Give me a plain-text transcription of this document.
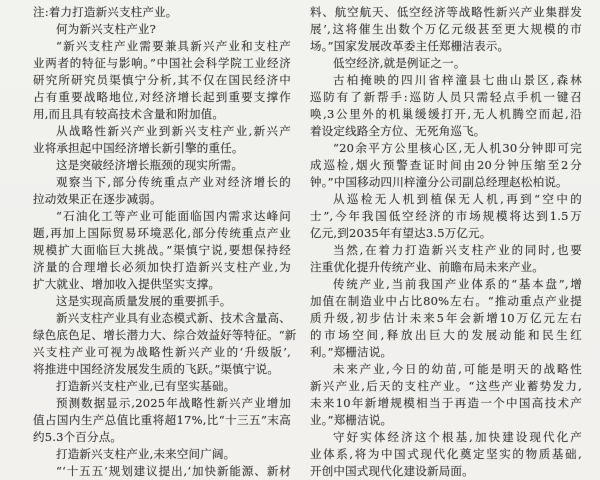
注:着力打造新兴支柱产业。
何为新兴支柱产业?
“新兴支柱产业需要兼具新兴产业和支柱产
业两者的特征与影响。”中国社会科学院工业经济
研究所研究员渠慎宁分析,其不仅在国民经济中
占有重要战略地位,对经济增长起到重要支撑作
用,而且具有较高技术含量和附加值。
从战略性新兴产业到新兴支柱产业,新兴产
业将承担起中国经济增长新引擎的重任。
这是突破经济增长瓶颈的现实所需。
观察当下,部分传统重点产业对经济增长的
拉动效果正在逐步减弱。
“石油化工等产业可能面临国内需求达峰问
题,再加上国际贸易环境恶化,部分传统重点产业
规模扩大面临巨大挑战。”渠慎宁说,要想保持经
济量的合理增长必须加快打造新兴支柱产业,为
扩大就业、增加收入提供坚实支撑。
这是实现高质量发展的重要抓手。
新兴支柱产业具有业态模式新、技术含量高、
绿色底色足、增长潜力大、综合效益好等特征。“新
兴支柱产业可视为战略性新兴产业的‘升级版’,
将推进中国经济发展发生质的飞跃。”渠慎宁说。
打造新兴支柱产业,已有坚实基础。
预测数据显示,2025年战略性新兴产业增加
值占国内生产总值比重将超17%,比“十三五”末高
约5.3个百分点。
打造新兴支柱产业,未来空间广阔。
“‘十五五’规划建议提出,‘加快新能源、新材
料、航空航天、低空经济等战略性新兴产业集群发
展’,这将催生出数个万亿元级甚至更大规模的市
场。”国家发展改革委主任郑栅洁表示。
低空经济,就是例证之一。
古柏掩映的四川省梓潼县七曲山景区,森林
巡防有了新帮手:巡防人员只需轻点手机一键召
唤,3公里外的机巢缓缓打开,无人机腾空而起,沿
着设定线路全方位、无死角巡飞。
“20余平方公里核心区,无人机30分钟即可完
成巡检,烟火预警查证时间由20分钟压缩至2分
钟。”中国移动四川梓潼分公司副总经理赵松柏说。
从巡检无人机到植保无人机,再到“空中的
士”,今年我国低空经济的市场规模将达到1.5万
亿元,到2035年有望达3.5万亿元。
当然,在着力打造新兴支柱产业的同时,也要
注重优化提升传统产业、前瞻布局未来产业。
传统产业,当前我国产业体系的“基本盘”,增
加值在制造业中占比80%左右。“推动重点产业提
质升级,初步估计未来5年会新增10万亿元左右
的市场空间,释放出巨大的发展动能和民生红
利。”郑栅洁说。
未来产业,今日的幼苗,可能是明天的战略性
新兴产业,后天的支柱产业。“这些产业蓄势发力,
未来10年新增规模相当于再造一个中国高技术产
业。”郑栅洁说。
守好实体经济这个根基,加快建设现代化产
业体系,将为中国式现代化奠定坚实的物质基础,
开创中国式现代化建设新局面。
